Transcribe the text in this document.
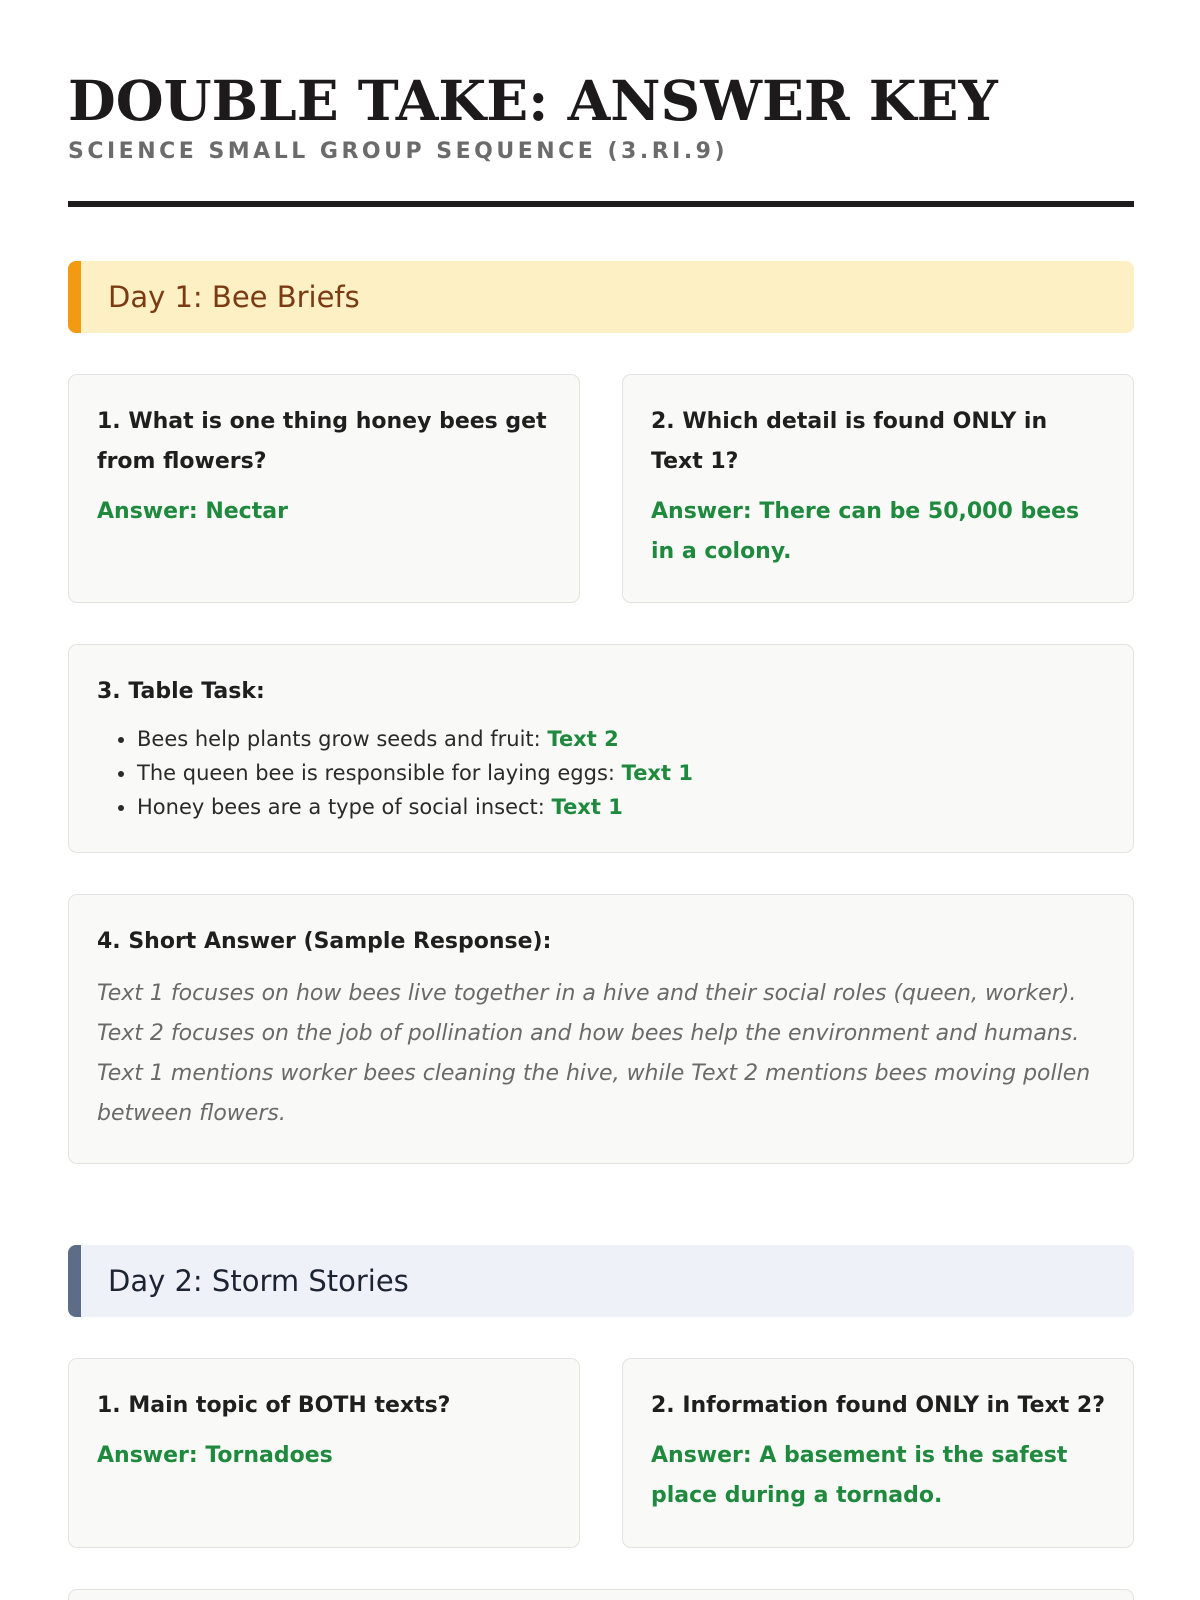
DOUBLE TAKE: ANSWER KEY
SCIENCE SMALL GROUP SEQUENCE (3.RI.9)
Day 1: Bee Briefs

1. What is one thing honey bees get from flowers?

Answer: Nectar

2. Which detail is found ONLY in Text 1?

Answer: There can be 50,000 bees in a colony.

3. Table Task:

• Bees help plants grow seeds and fruit: Text 2
• The queen bee is responsible for laying eggs: Text 1
• Honey bees are a type of social insect: Text 1

4. Short Answer (Sample Response):

Text 1 focuses on how bees live together in a hive and their social roles (queen, worker). Text 2 focuses on the job of pollination and how bees help the environment and humans. Text 1 mentions worker bees cleaning the hive, while Text 2 mentions bees moving pollen between flowers.

Day 2: Storm Stories

1. Main topic of BOTH texts?

Answer: Tornadoes

2. Information found ONLY in Text 2?

Answer: A basement is the safest place during a tornado.
